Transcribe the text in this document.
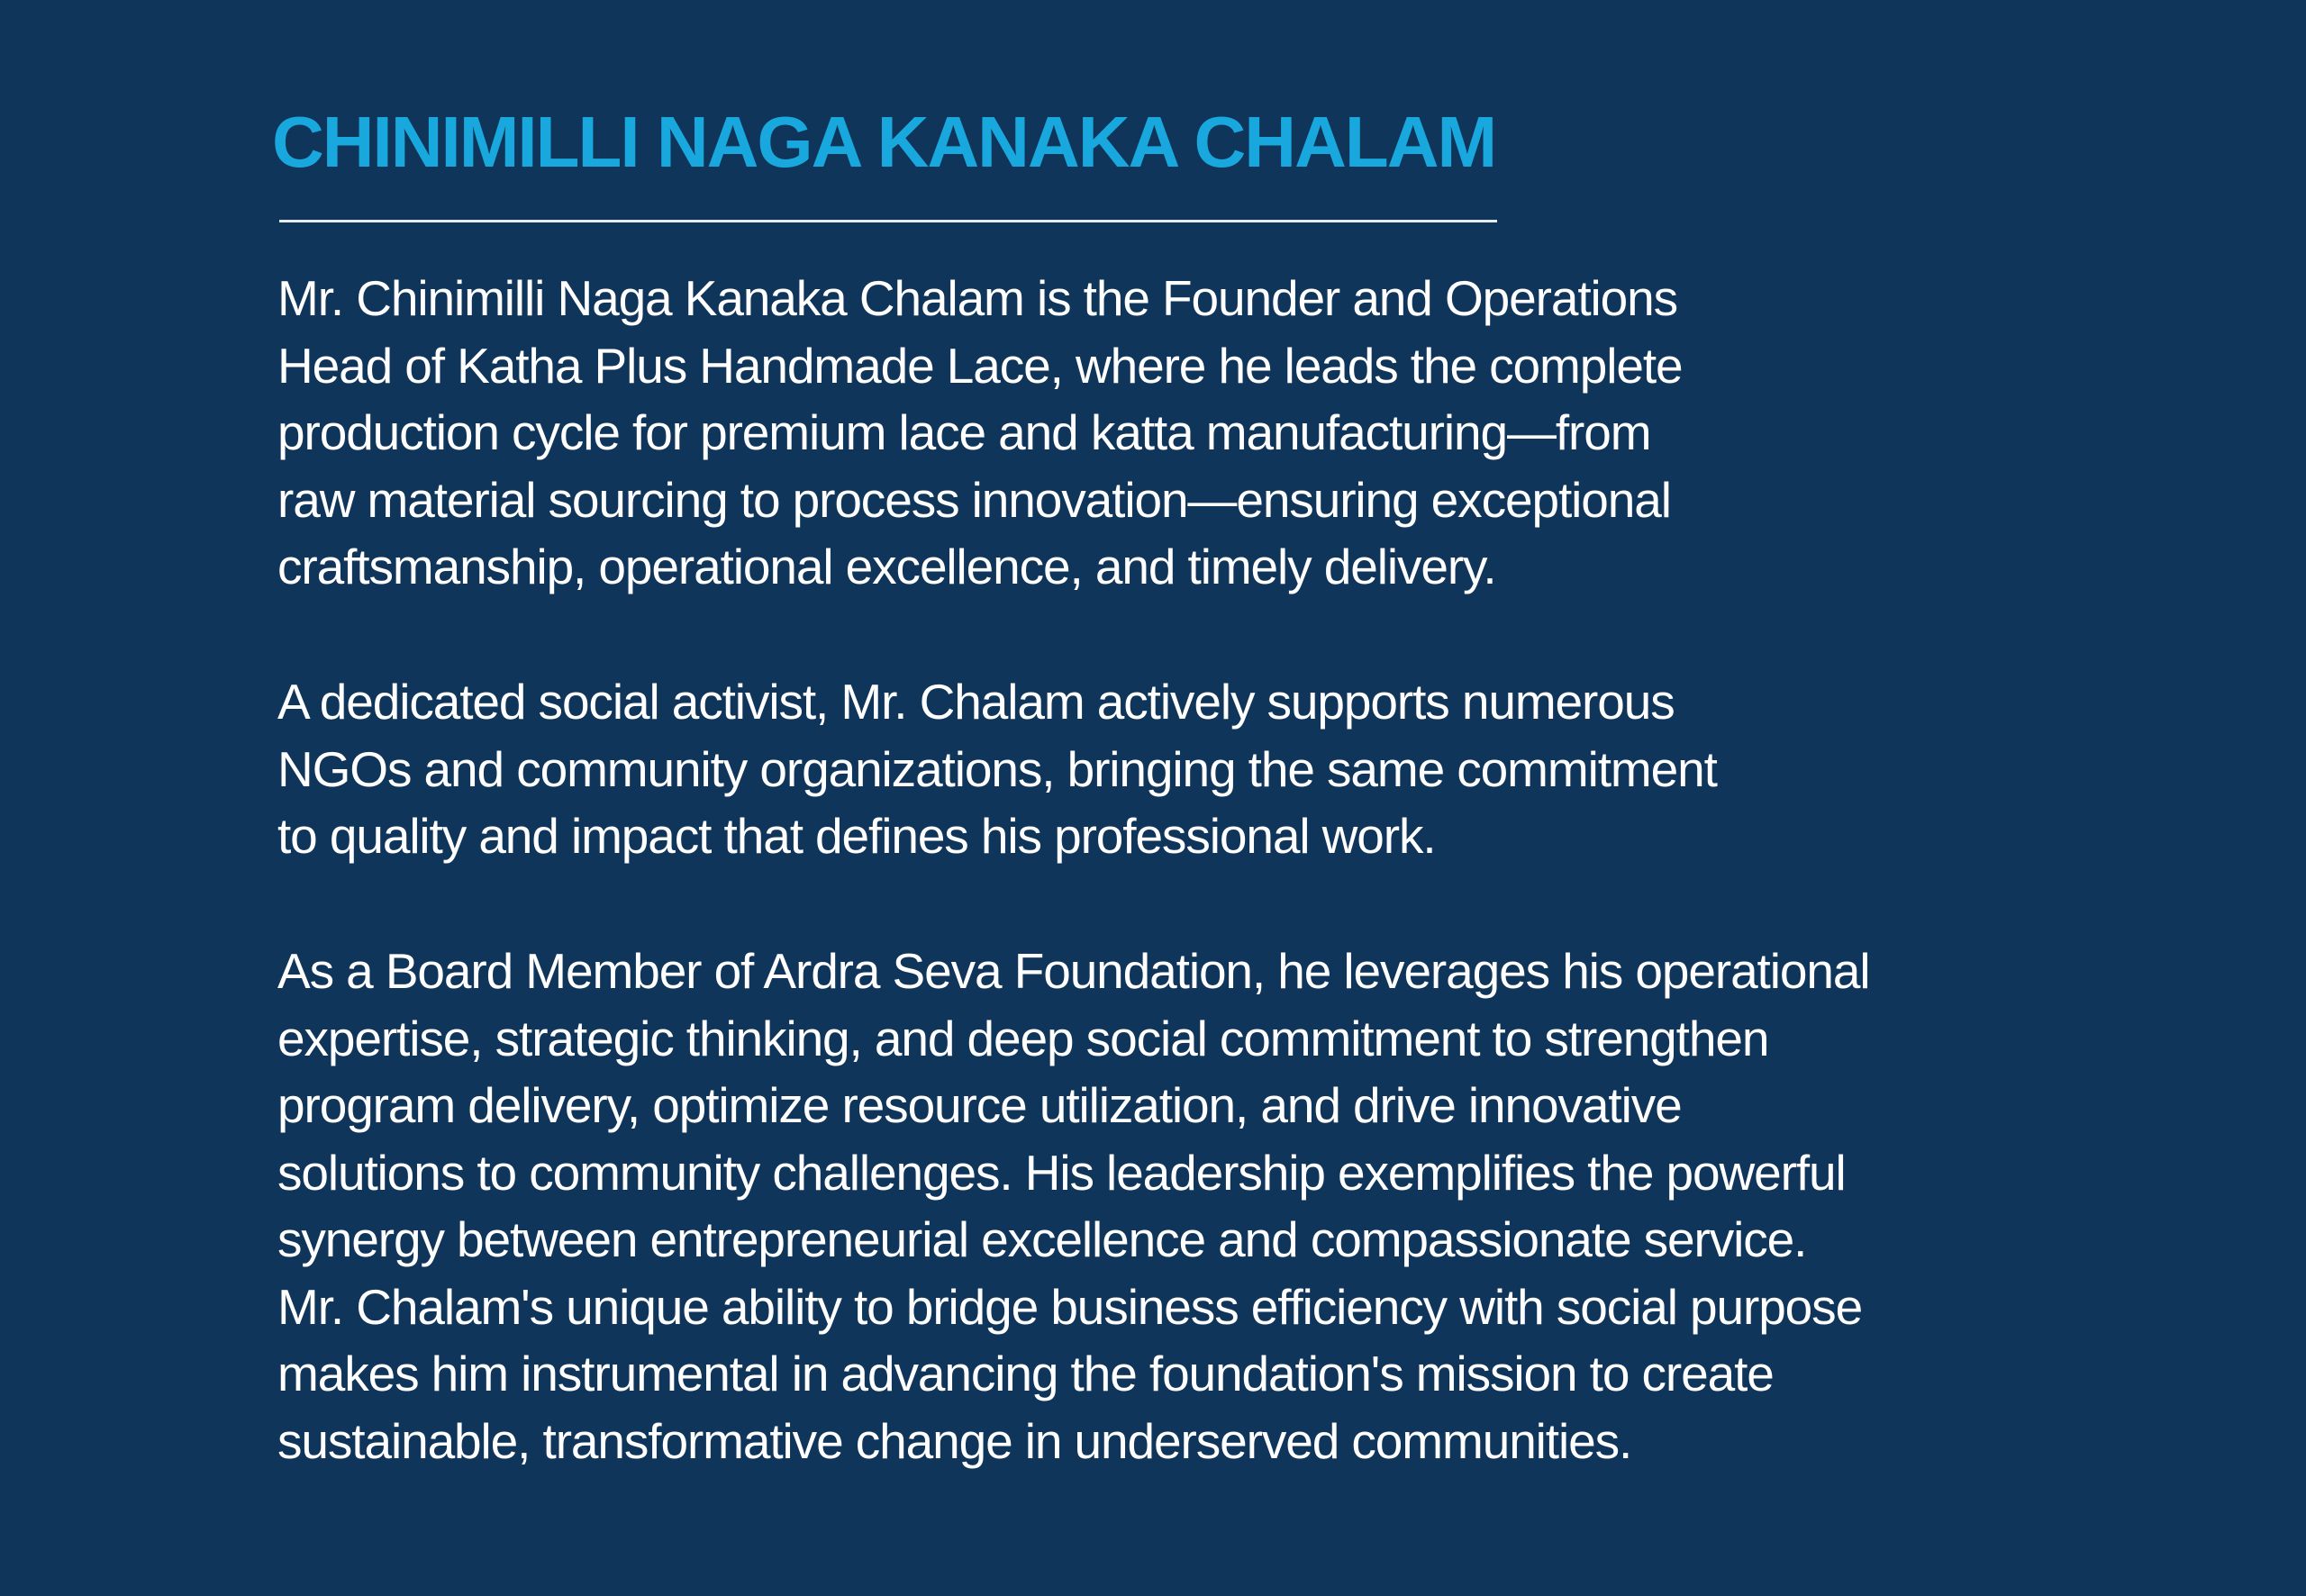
CHINIMILLI NAGA KANAKA CHALAM

Mr. Chinimilli Naga Kanaka Chalam is the Founder and Operations
Head of Katha Plus Handmade Lace, where he leads the complete
production cycle for premium lace and katta manufacturing—from
raw material sourcing to process innovation—ensuring exceptional
craftsmanship, operational excellence, and timely delivery.

A dedicated social activist, Mr. Chalam actively supports numerous
NGOs and community organizations, bringing the same commitment
to quality and impact that defines his professional work.

As a Board Member of Ardra Seva Foundation, he leverages his operational
expertise, strategic thinking, and deep social commitment to strengthen
program delivery, optimize resource utilization, and drive innovative
solutions to community challenges. His leadership exemplifies the powerful
synergy between entrepreneurial excellence and compassionate service.
Mr. Chalam's unique ability to bridge business efficiency with social purpose
makes him instrumental in advancing the foundation's mission to create
sustainable, transformative change in underserved communities.
